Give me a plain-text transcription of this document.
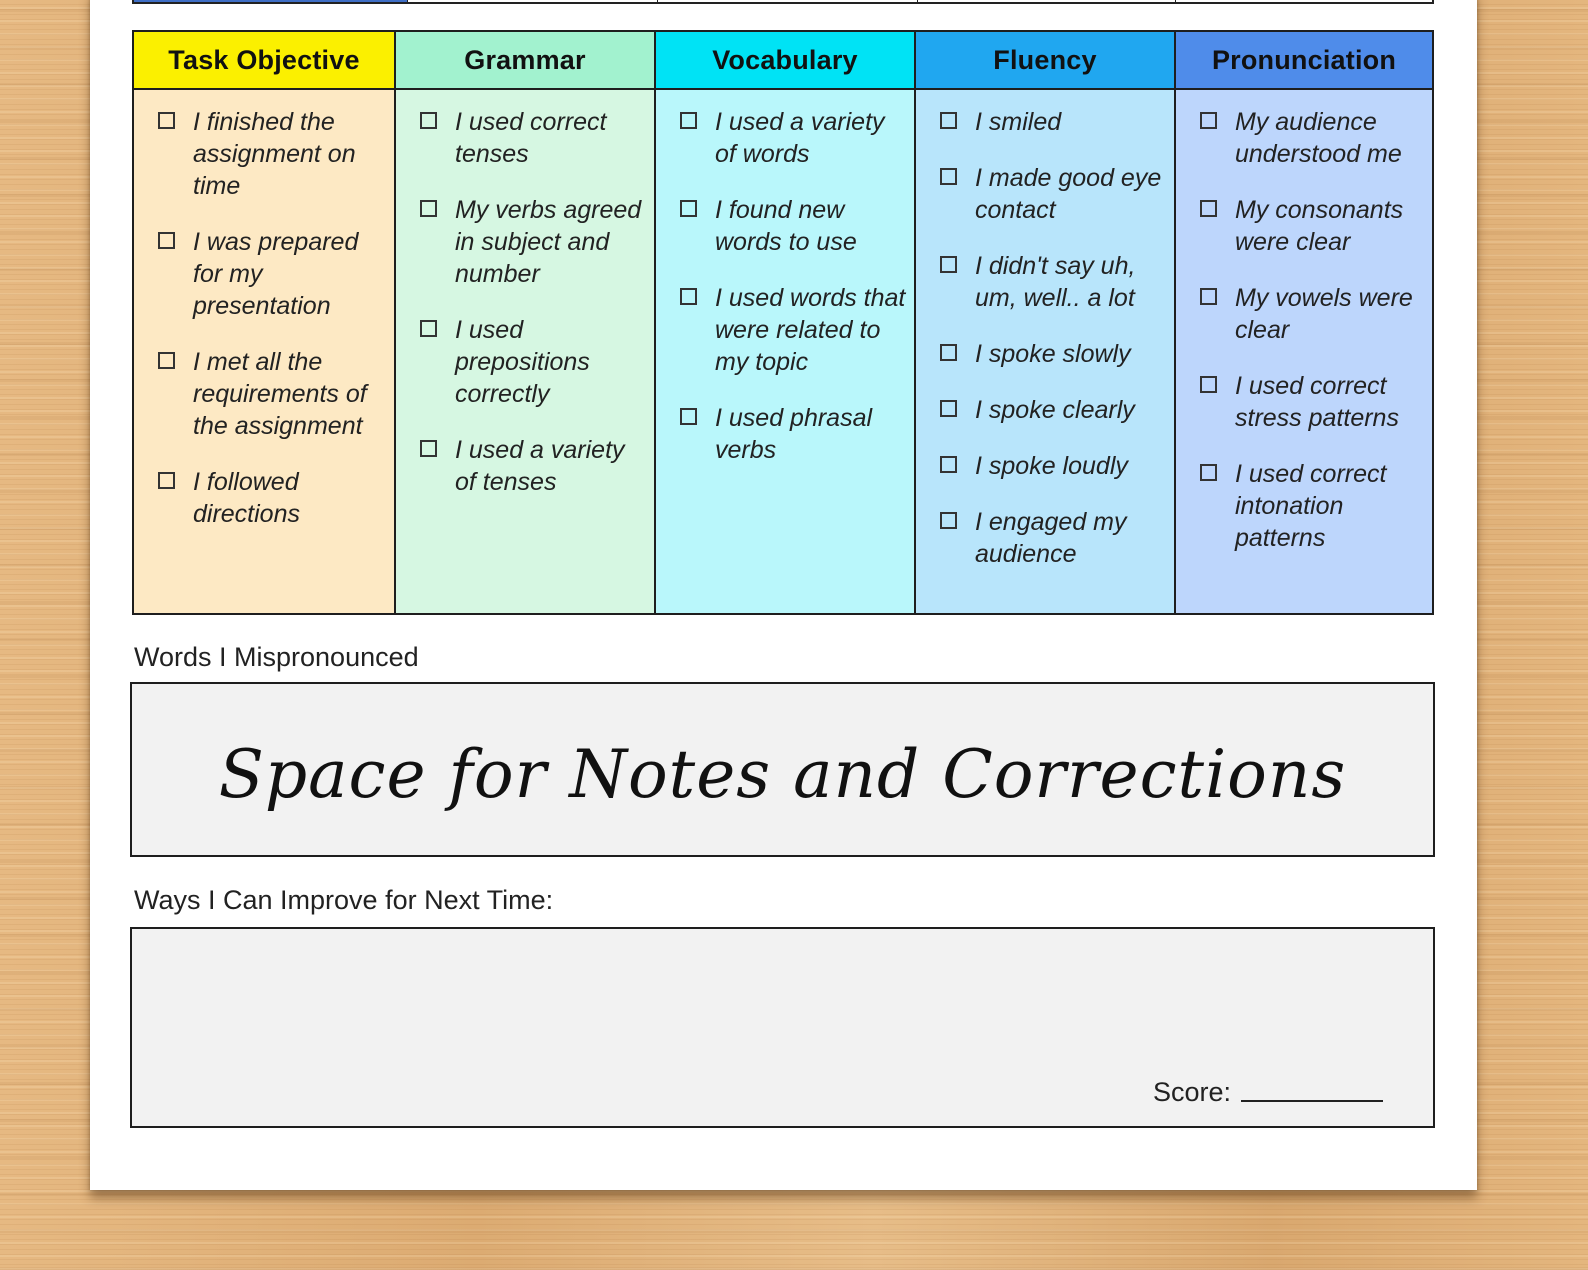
Task Objective
I finished the assignment on time
I was prepared for my presentation
I met all the requirements of the assignment
I followed directions
Grammar
I used correct tenses
My verbs agreed in subject and number
I used prepositions correctly
I used a variety of tenses
Vocabulary
I used a variety of words
I found new words to use
I used words that were related to my topic
I used phrasal verbs
Fluency
I smiled
I made good eye contact
I didn't say uh, um, well.. a lot
I spoke slowly
I spoke clearly
I spoke loudly
I engaged my audience
Pronunciation
My audience understood me
My consonants were clear
My vowels were clear
I used correct stress patterns
I used correct intonation patterns
Words I Mispronounced
Space for Notes and Corrections
Ways I Can Improve for Next Time:
Score:
